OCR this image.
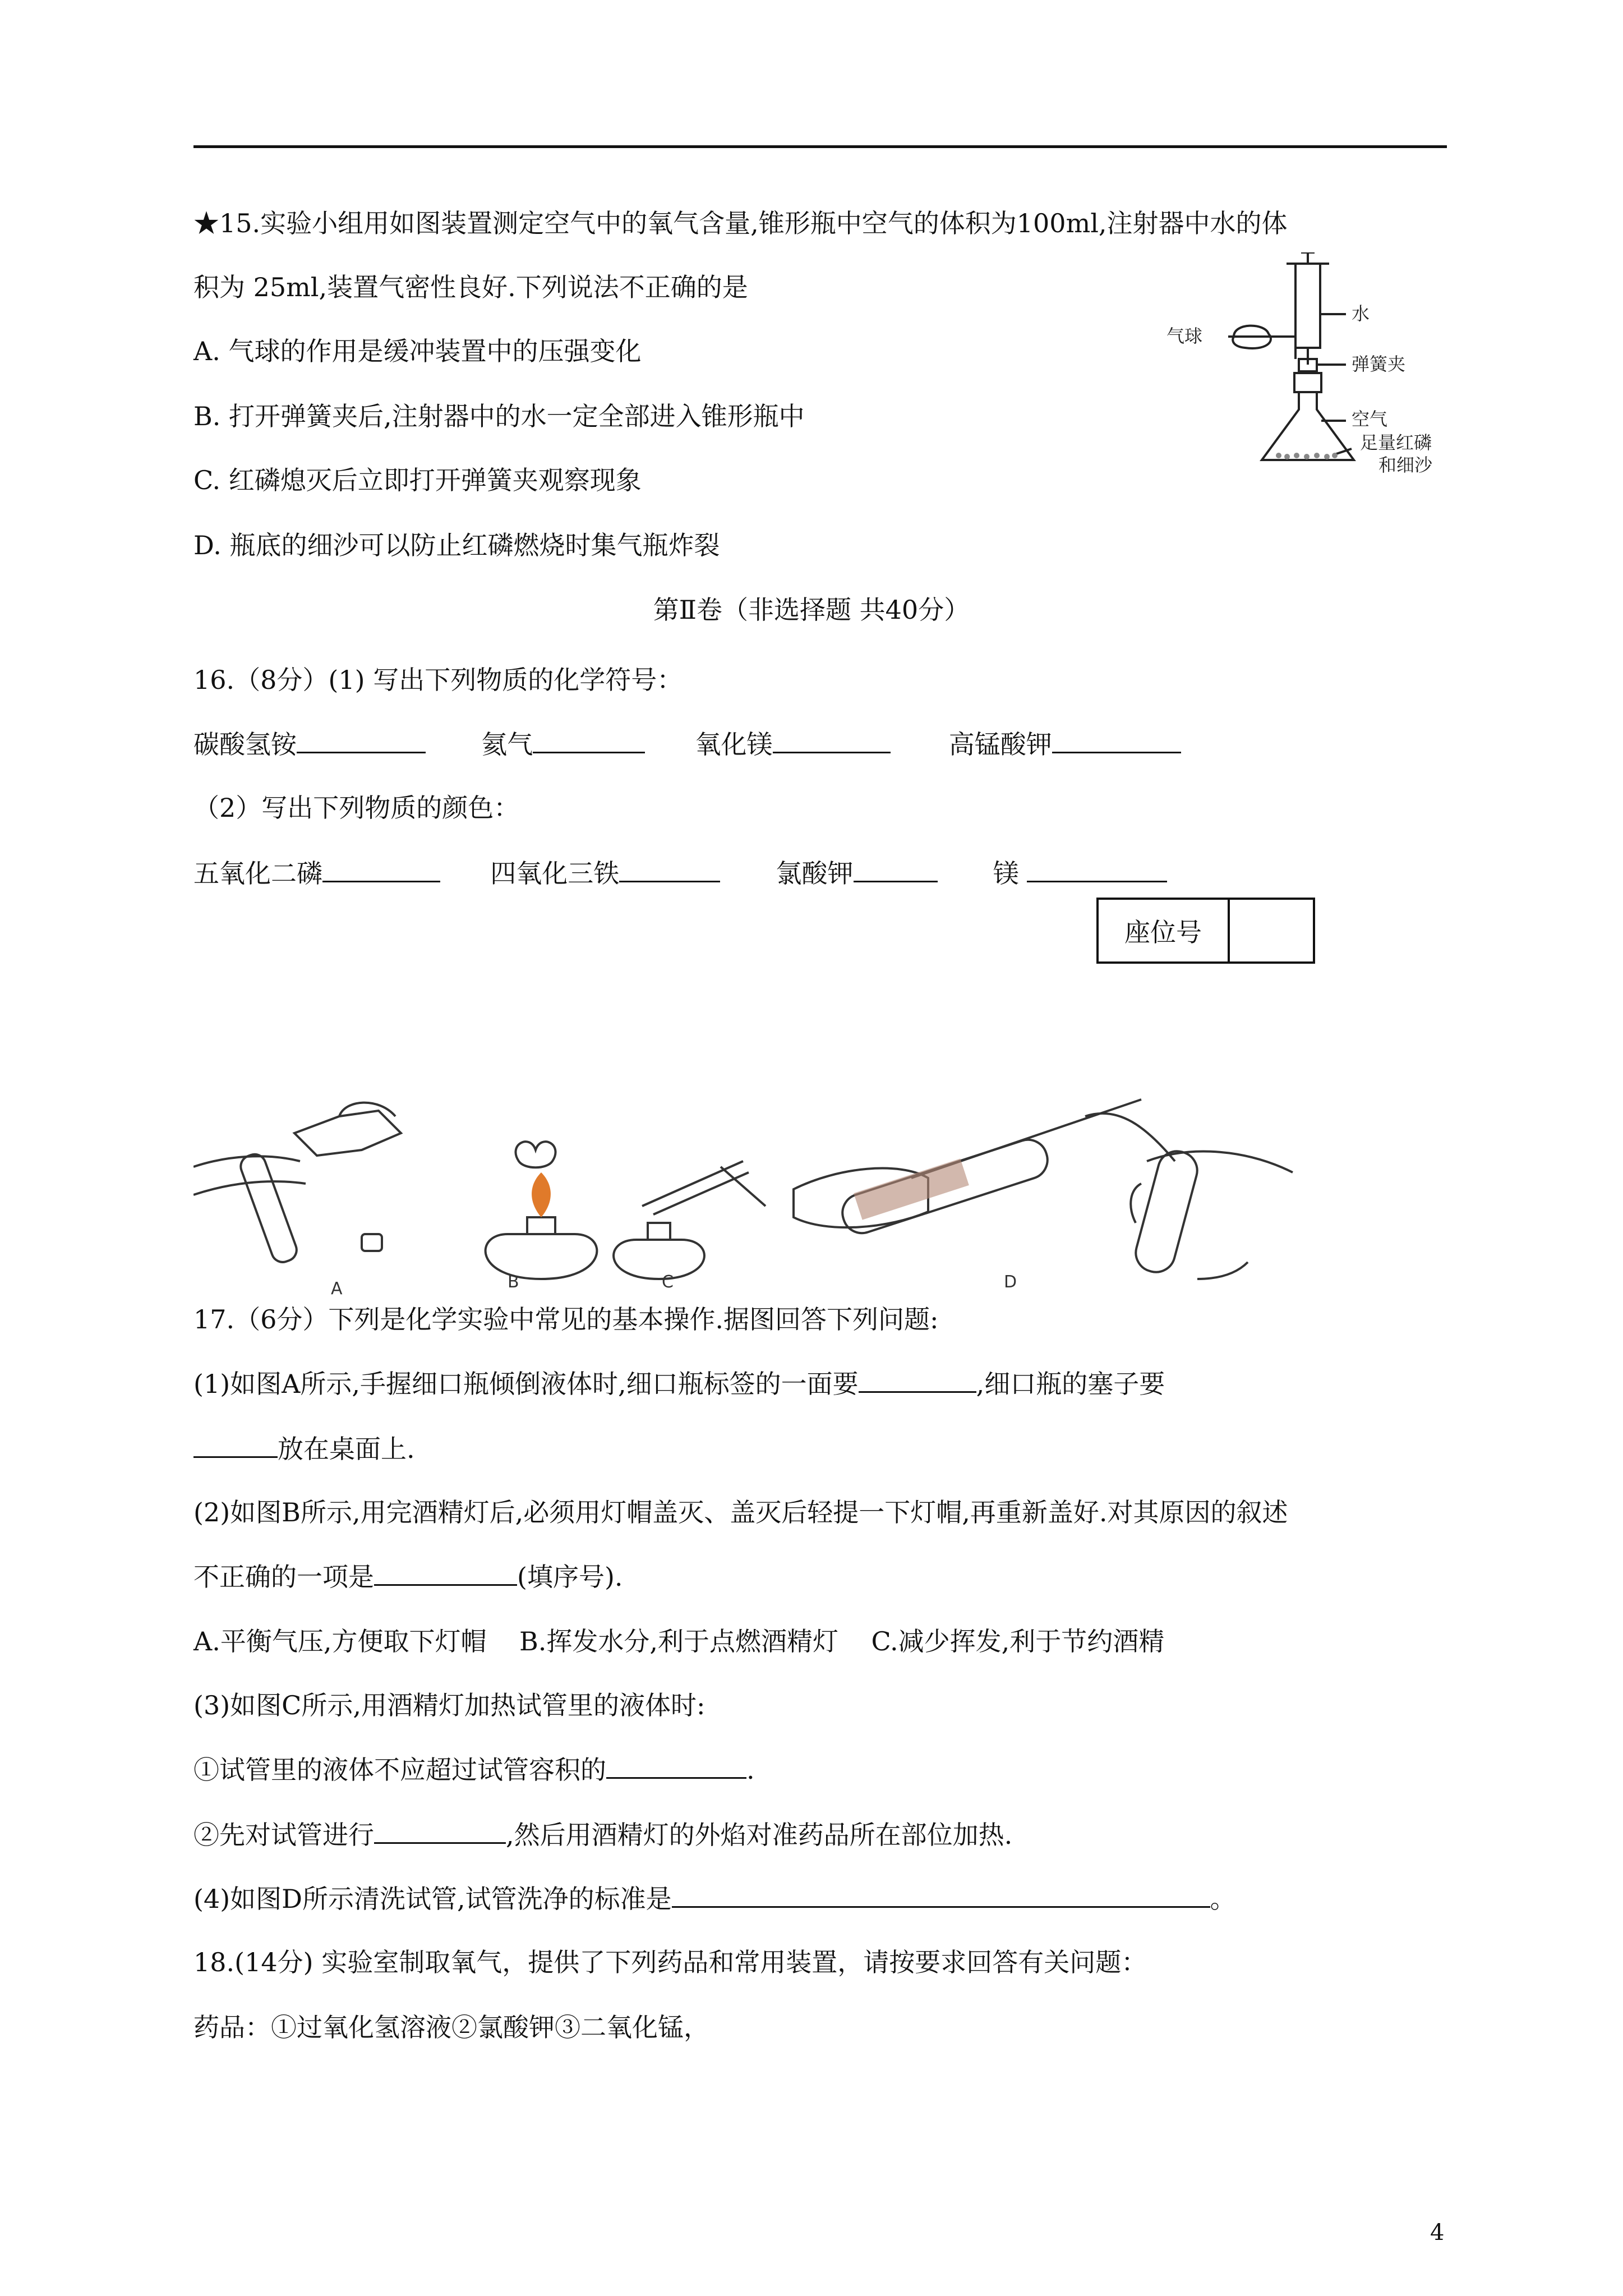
★15.实验小组用如图装置测定空气中的氧气含量,锥形瓶中空气的体积为100ml,注射器中水的体
积为 25ml,装置气密性良好.下列说法不正确的是
A. 气球的作用是缓冲装置中的压强变化
B. 打开弹簧夹后,注射器中的水一定全部进入锥形瓶中
C. 红磷熄灭后立即打开弹簧夹观察现象
D. 瓶底的细沙可以防止红磷燃烧时集气瓶炸裂
水
气球
弹簧夹
空气
足量红磷
和细沙
第Ⅱ卷（非选择题 共40分）
16.（8分）(1) 写出下列物质的化学符号：
碳酸氢铵	氦气	氧化镁	高锰酸钾
（2）写出下列物质的颜色：
五氧化二磷	四氧化三铁	氯酸钾	镁
座位号
A	B	C	D
17.（6分）下列是化学实验中常见的基本操作.据图回答下列问题:
(1)如图A所示,手握细口瓶倾倒液体时,细口瓶标签的一面要	,细口瓶的塞子要
放在桌面上.
(2)如图B所示,用完酒精灯后,必须用灯帽盖灭、盖灭后轻提一下灯帽,再重新盖好.对其原因的叙述
不正确的一项是	(填序号).
A.平衡气压,方便取下灯帽    B.挥发水分,利于点燃酒精灯    C.减少挥发,利于节约酒精
(3)如图C所示,用酒精灯加热试管里的液体时:
①试管里的液体不应超过试管容积的	.
②先对试管进行	,然后用酒精灯的外焰对准药品所在部位加热.
(4)如图D所示清洗试管,试管洗净的标准是	。
18.(14分) 实验室制取氧气，提供了下列药品和常用装置，请按要求回答有关问题：
药品：①过氧化氢溶液②氯酸钾③二氧化锰，
4
